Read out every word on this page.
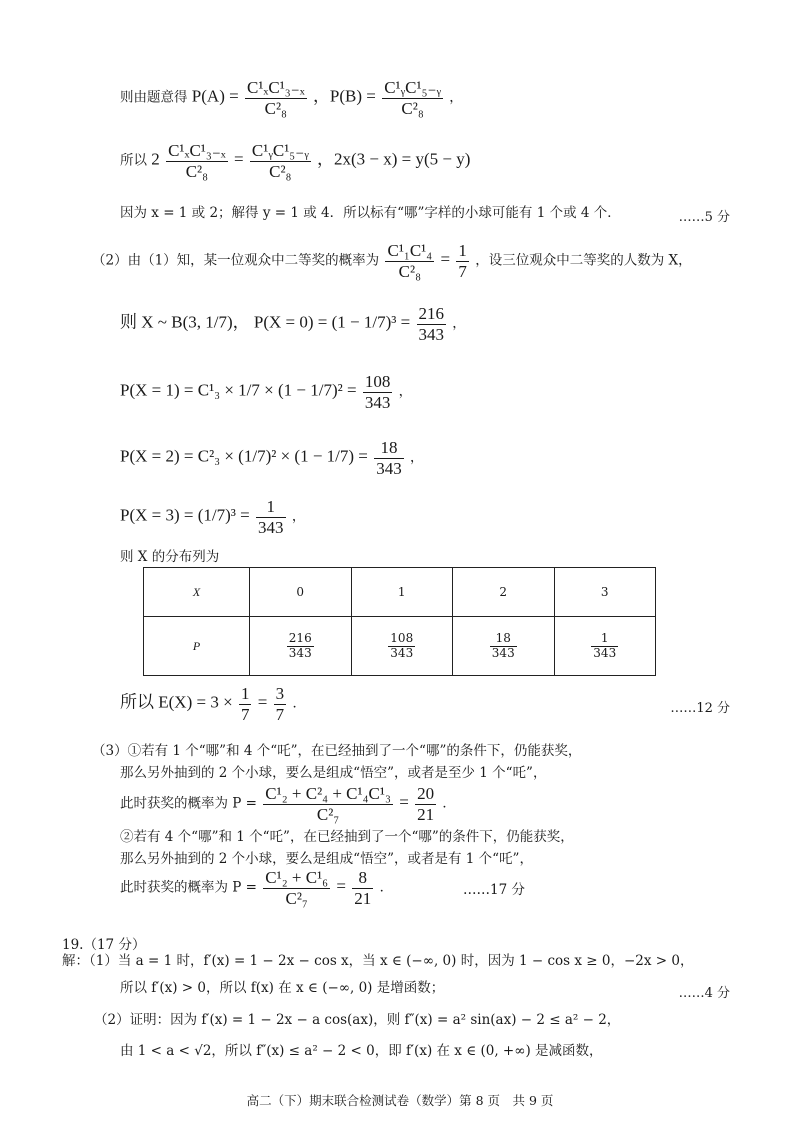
则由题意得 $P(A) = \frac{\text{C¹ₓC¹₃₋ₓ}}{\text{C²₈}}$ ，$P(B) = \frac{\text{C¹ᵧC¹₅₋ᵧ}}{\text{C²₈}}$ ，
所以 $2 \frac{\text{C¹ₓC¹₃₋ₓ}}{\text{C²₈}} = \frac{\text{C¹ᵧC¹₅₋ᵧ}}{\text{C²₈}}$ ，2x(3 − x) = y(5 − y)
因为 x = 1 或 2；解得 y = 1 或 4．所以标有“哪”字样的小球可能有 1 个或 4 个．	……5 分
（2）由（1）知，某一位观众中二等奖的概率为 $\frac{\text{C¹₁C¹₄}}{\text{C²₈}} = \frac{1}{7}$ ，设三位观众中二等奖的人数为 X，
则 X ~ B(3, 1/7)， $P(X = 0) = (1 - 1/7)^3 = \frac{216}{343}$ ，
$P(X = 1) = C^1_3 \times 1/7 \times (1 - 1/7)^2 = \frac{108}{343}$ ，
$P(X = 2) = C^2_3 \times (1/7)^2 \times (1 - 1/7) = \frac{18}{343}$ ，
$P(X = 3) = (1/7)^3 = \frac{1}{343}$ ，
则 X 的分布列为
X	0	1	2	3
P	$\frac{216}{343}$	$\frac{108}{343}$	$\frac{18}{343}$	$\frac{1}{343}$
所以 $E(X) = 3 \times \frac{1}{7} = \frac{3}{7}$ ．	……12 分
（3）①若有 1 个“哪”和 4 个“吒”，在已经抽到了一个“哪”的条件下，仍能获奖，
那么另外抽到的 2 个小球，要么是组成“悟空”，或者是至少 1 个“吒”，
此时获奖的概率为 $P = \frac{\text{C¹₂ + C²₄ + C¹₄C¹₃}}{\text{C²₇}} = \frac{20}{21}$ ．
②若有 4 个“哪”和 1 个“吒”，在已经抽到了一个“哪”的条件下，仍能获奖，
那么另外抽到的 2 个小球，要么是组成“悟空”，或者是有 1 个“吒”，
此时获奖的概率为 $P = \frac{\text{C¹₂ + C¹₆}}{\text{C²₇}} = \frac{8}{21}$ ．	……17 分
19.（17 分）
解：（1）当 a = 1 时，f′(x) = 1 − 2x − cos x，当 x ∈ (−∞, 0) 时，因为 1 − cos x ≥ 0，−2x > 0，
所以 f′(x) > 0，所以 f(x) 在 x ∈ (−∞, 0) 是增函数；	……4 分
（2）证明：因为 f′(x) = 1 − 2x − a cos(ax)，则 f″(x) = a² sin(ax) − 2 ≤ a² − 2，
由 1 < a < √2，所以 f″(x) ≤ a² − 2 < 0，即 f′(x) 在 x ∈ (0, +∞) 是减函数，
高二（下）期末联合检测试卷（数学）第 8 页　共 9 页
